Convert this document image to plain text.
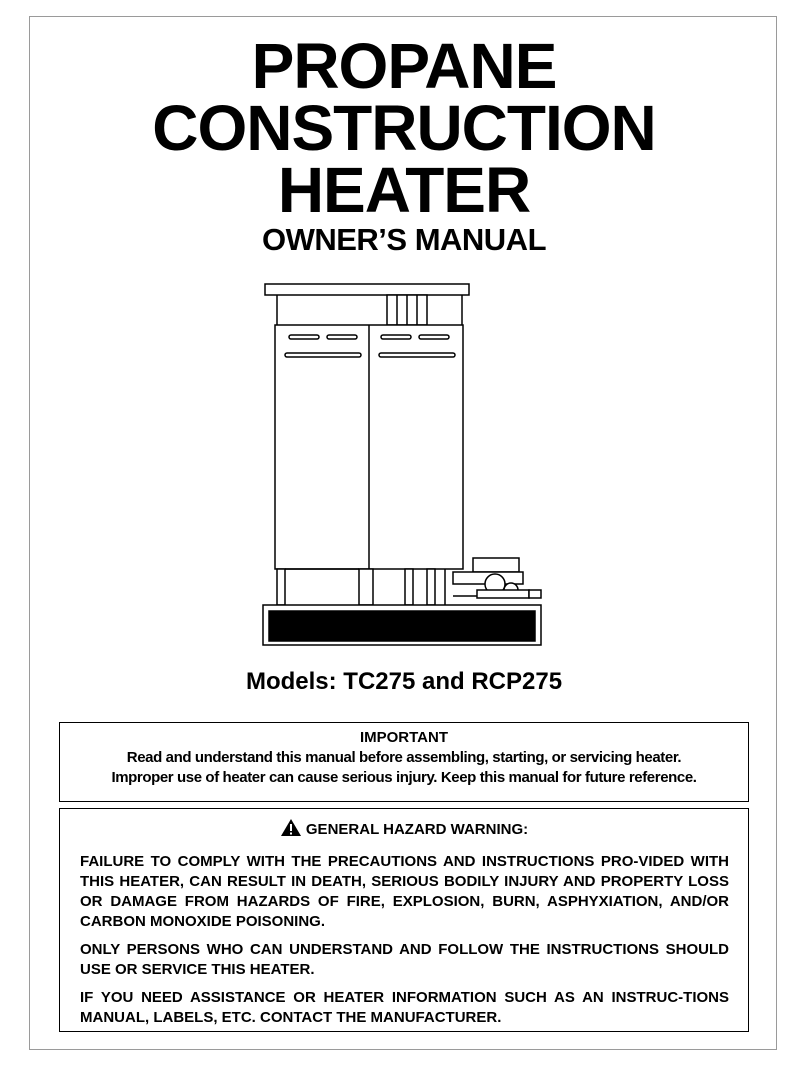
PROPANE
CONSTRUCTION
HEATER
OWNER’S MANUAL
Models: TC275 and RCP275
IMPORTANT
Read and understand this manual before assembling, starting, or servicing heater.
Improper use of heater can cause serious injury. Keep this manual for future reference.
GENERAL HAZARD WARNING:
FAILURE TO COMPLY WITH THE PRECAUTIONS AND INSTRUCTIONS PRO-VIDED WITH THIS HEATER, CAN RESULT IN DEATH, SERIOUS BODILY INJURY AND PROPERTY LOSS OR DAMAGE FROM HAZARDS OF FIRE, EXPLOSION, BURN, ASPHYXIATION, AND/OR CARBON MONOXIDE POISONING.
ONLY PERSONS WHO CAN UNDERSTAND AND FOLLOW THE INSTRUCTIONS SHOULD USE OR SERVICE THIS HEATER.
IF YOU NEED ASSISTANCE OR HEATER INFORMATION SUCH AS AN INSTRUC-TIONS MANUAL, LABELS, ETC. CONTACT THE MANUFACTURER.
